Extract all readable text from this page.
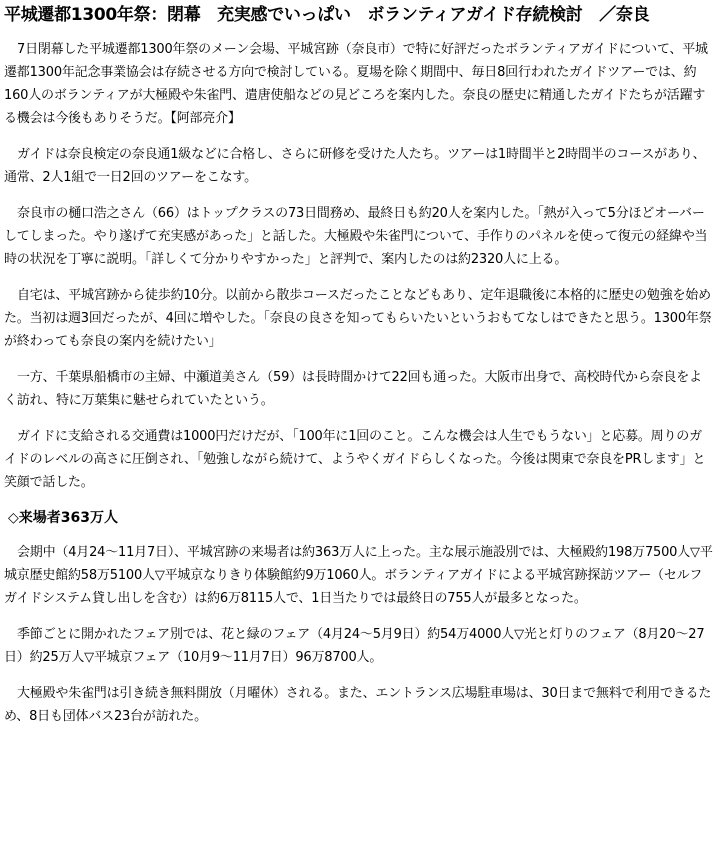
平城遷都1300年祭：閉幕　充実感でいっぱい　ボランティアガイド存続検討　／奈良

7日閉幕した平城遷都1300年祭のメーン会場、平城宮跡（奈良市）で特に好評だったボランティアガイドについて、平城遷都1300年記念事業協会は存続させる方向で検討している。夏場を除く期間中、毎日8回行われたガイドツアーでは、約160人のボランティアが大極殿や朱雀門、遣唐使船などの見どころを案内した。奈良の歴史に精通したガイドたちが活躍する機会は今後もありそうだ。【阿部亮介】

ガイドは奈良検定の奈良通1級などに合格し、さらに研修を受けた人たち。ツアーは1時間半と2時間半のコースがあり、通常、2人1組で一日2回のツアーをこなす。

奈良市の樋口浩之さん（66）はトップクラスの73日間務め、最終日も約20人を案内した。「熱が入って5分ほどオーバーしてしまった。やり遂げて充実感があった」と話した。大極殿や朱雀門について、手作りのパネルを使って復元の経緯や当時の状況を丁寧に説明。「詳しくて分かりやすかった」と評判で、案内したのは約2320人に上る。

自宅は、平城宮跡から徒歩約10分。以前から散歩コースだったことなどもあり、定年退職後に本格的に歴史の勉強を始めた。当初は週3回だったが、4回に増やした。「奈良の良さを知ってもらいたいというおもてなしはできたと思う。1300年祭が終わっても奈良の案内を続けたい」

一方、千葉県船橋市の主婦、中瀬道美さん（59）は長時間かけて22回も通った。大阪市出身で、高校時代から奈良をよく訪れ、特に万葉集に魅せられていたという。

ガイドに支給される交通費は1000円だけだが、「100年に1回のこと。こんな機会は人生でもうない」と応募。周りのガイドのレベルの高さに圧倒され、「勉強しながら続けて、ようやくガイドらしくなった。今後は関東で奈良をPRします」と笑顔で話した。

◇来場者363万人

会期中（4月24～11月7日）、平城宮跡の来場者は約363万人に上った。主な展示施設別では、大極殿約198万7500人▽平城京歴史館約58万5100人▽平城京なりきり体験館約9万1060人。ボランティアガイドによる平城宮跡探訪ツアー（セルフガイドシステム貸し出しを含む）は約6万8115人で、1日当たりでは最終日の755人が最多となった。

季節ごとに開かれたフェア別では、花と緑のフェア（4月24～5月9日）約54万4000人▽光と灯りのフェア（8月20～27日）約25万人▽平城京フェア（10月9～11月7日）96万8700人。

大極殿や朱雀門は引き続き無料開放（月曜休）される。また、エントランス広場駐車場は、30日まで無料で利用できるため、8日も団体バス23台が訪れた。
